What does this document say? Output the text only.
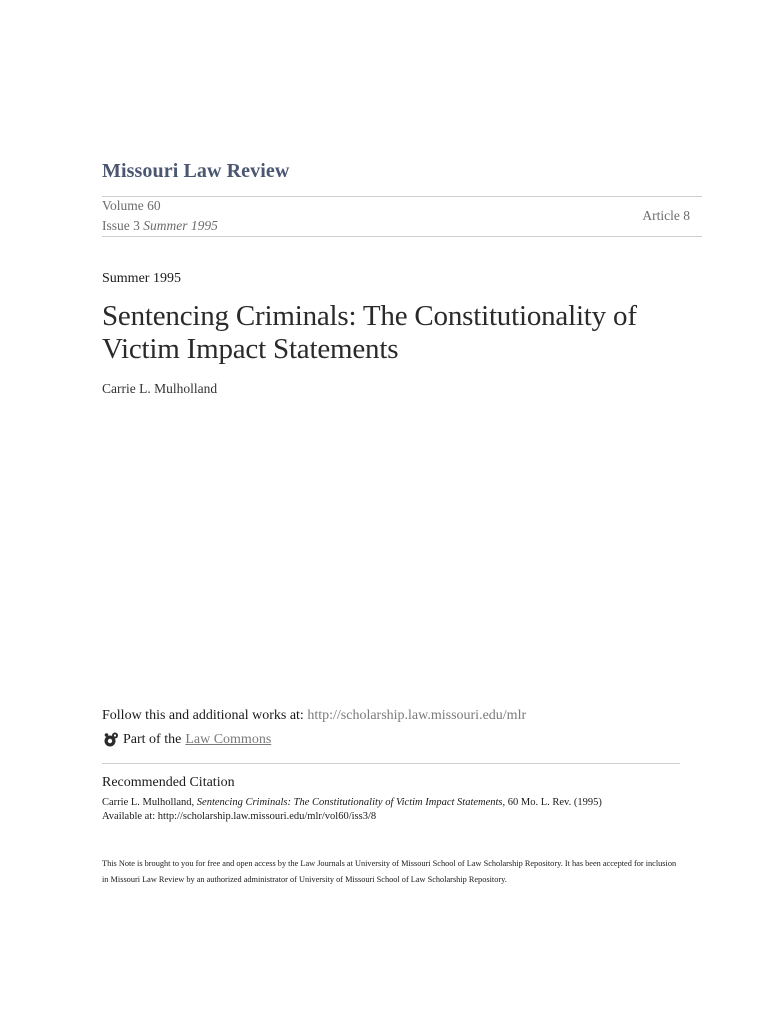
Missouri Law Review
Volume 60
Issue 3 Summer 1995
Article 8
Summer 1995
Sentencing Criminals: The Constitutionality of Victim Impact Statements
Carrie L. Mulholland
Follow this and additional works at: http://scholarship.law.missouri.edu/mlr
Part of the Law Commons
Recommended Citation
Carrie L. Mulholland, Sentencing Criminals: The Constitutionality of Victim Impact Statements, 60 Mo. L. Rev. (1995)
Available at: http://scholarship.law.missouri.edu/mlr/vol60/iss3/8
This Note is brought to you for free and open access by the Law Journals at University of Missouri School of Law Scholarship Repository. It has been accepted for inclusion in Missouri Law Review by an authorized administrator of University of Missouri School of Law Scholarship Repository.
